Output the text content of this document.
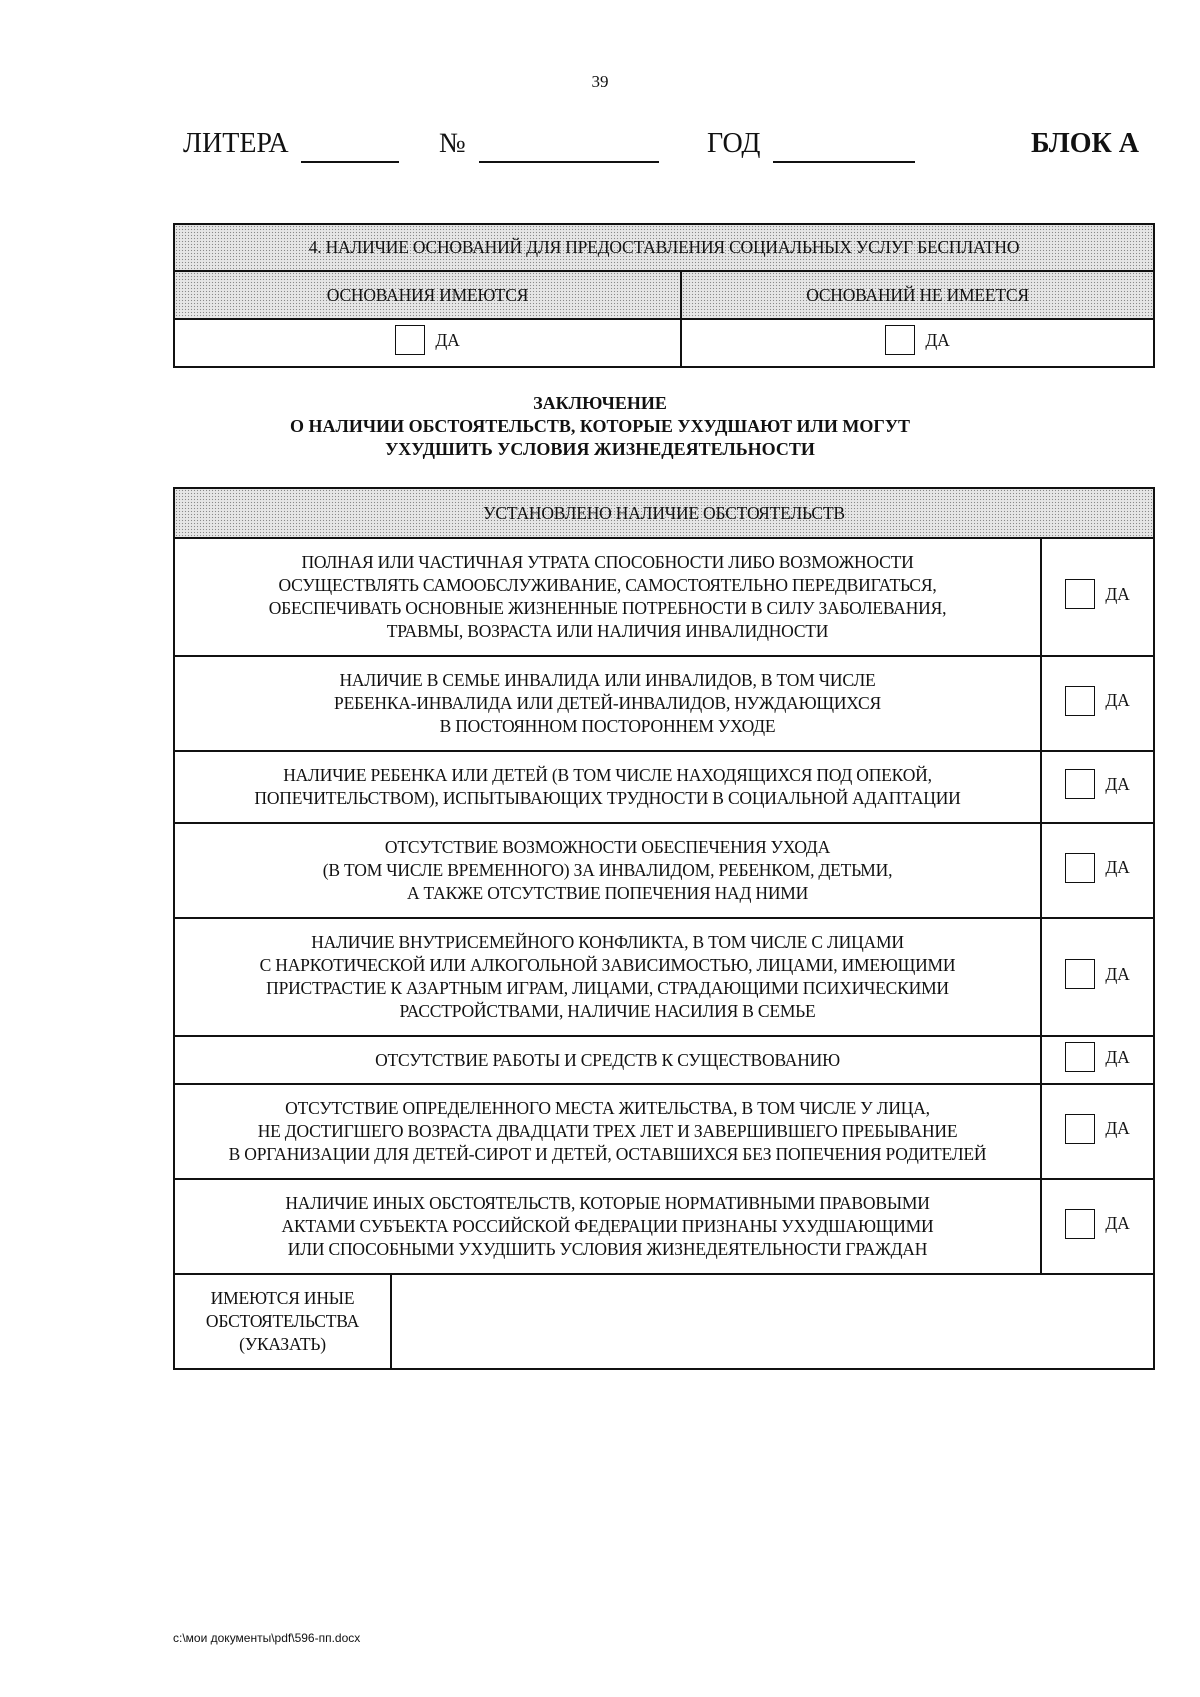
39
ЛИТЕРА	№	ГОД	БЛОК А
4. НАЛИЧИЕ ОСНОВАНИЙ ДЛЯ ПРЕДОСТАВЛЕНИЯ СОЦИАЛЬНЫХ УСЛУГ БЕСПЛАТНО	
ОСНОВАНИЯ ИМЕЮТСЯ	ОСНОВАНИЙ НЕ ИМЕЕТСЯ

ДА	ДА
ЗАКЛЮЧЕНИЕ
О НАЛИЧИИ ОБСТОЯТЕЛЬСТВ, КОТОРЫЕ УХУДШАЮТ ИЛИ МОГУТ
УХУДШИТЬ УСЛОВИЯ ЖИЗНЕДЕЯТЕЛЬНОСТИ
УСТАНОВЛЕНО НАЛИЧИЕ ОБСТОЯТЕЛЬСТВ		

ПОЛНАЯ ИЛИ ЧАСТИЧНАЯ УТРАТА СПОСОБНОСТИ ЛИБО ВОЗМОЖНОСТИ
ОСУЩЕСТВЛЯТЬ САМООБСЛУЖИВАНИЕ, САМОСТОЯТЕЛЬНО ПЕРЕДВИГАТЬСЯ,
ОБЕСПЕЧИВАТЬ ОСНОВНЫЕ ЖИЗНЕННЫЕ ПОТРЕБНОСТИ В СИЛУ ЗАБОЛЕВАНИЯ,
ТРАВМЫ, ВОЗРАСТА ИЛИ НАЛИЧИЯ ИНВАЛИДНОСТИ		ДА

НАЛИЧИЕ В СЕМЬЕ ИНВАЛИДА ИЛИ ИНВАЛИДОВ, В ТОМ ЧИСЛЕ
РЕБЕНКА-ИНВАЛИДА ИЛИ ДЕТЕЙ-ИНВАЛИДОВ, НУЖДАЮЩИХСЯ
В ПОСТОЯННОМ ПОСТОРОННЕМ УХОДЕ		ДА

НАЛИЧИЕ РЕБЕНКА ИЛИ ДЕТЕЙ (В ТОМ ЧИСЛЕ НАХОДЯЩИХСЯ ПОД ОПЕКОЙ,
ПОПЕЧИТЕЛЬСТВОМ), ИСПЫТЫВАЮЩИХ ТРУДНОСТИ В СОЦИАЛЬНОЙ АДАПТАЦИИ		ДА

ОТСУТСТВИЕ ВОЗМОЖНОСТИ ОБЕСПЕЧЕНИЯ УХОДА
(В ТОМ ЧИСЛЕ ВРЕМЕННОГО) ЗА ИНВАЛИДОМ, РЕБЕНКОМ, ДЕТЬМИ,
А ТАКЖЕ ОТСУТСТВИЕ ПОПЕЧЕНИЯ НАД НИМИ		ДА

НАЛИЧИЕ ВНУТРИСЕМЕЙНОГО КОНФЛИКТА, В ТОМ ЧИСЛЕ С ЛИЦАМИ
С НАРКОТИЧЕСКОЙ ИЛИ АЛКОГОЛЬНОЙ ЗАВИСИМОСТЬЮ, ЛИЦАМИ, ИМЕЮЩИМИ
ПРИСТРАСТИЕ К АЗАРТНЫМ ИГРАМ, ЛИЦАМИ, СТРАДАЮЩИМИ ПСИХИЧЕСКИМИ
РАССТРОЙСТВАМИ, НАЛИЧИЕ НАСИЛИЯ В СЕМЬЕ		ДА

ОТСУТСТВИЕ РАБОТЫ И СРЕДСТВ К СУЩЕСТВОВАНИЮ		ДА

ОТСУТСТВИЕ ОПРЕДЕЛЕННОГО МЕСТА ЖИТЕЛЬСТВА, В ТОМ ЧИСЛЕ У ЛИЦА,
НЕ ДОСТИГШЕГО ВОЗРАСТА ДВАДЦАТИ ТРЕХ ЛЕТ И ЗАВЕРШИВШЕГО ПРЕБЫВАНИЕ
В ОРГАНИЗАЦИИ ДЛЯ ДЕТЕЙ-СИРОТ И ДЕТЕЙ, ОСТАВШИХСЯ БЕЗ ПОПЕЧЕНИЯ РОДИТЕЛЕЙ		ДА

НАЛИЧИЕ ИНЫХ ОБСТОЯТЕЛЬСТВ, КОТОРЫЕ НОРМАТИВНЫМИ ПРАВОВЫМИ
АКТАМИ СУБЪЕКТА РОССИЙСКОЙ ФЕДЕРАЦИИ ПРИЗНАНЫ УХУДШАЮЩИМИ
ИЛИ СПОСОБНЫМИ УХУДШИТЬ УСЛОВИЯ ЖИЗНЕДЕЯТЕЛЬНОСТИ ГРАЖДАН		ДА

ИМЕЮТСЯ ИНЫЕ
ОБСТОЯТЕЛЬСТВА
(УКАЗАТЬ)		

c:\мои документы\pdf\596-пп.docx
